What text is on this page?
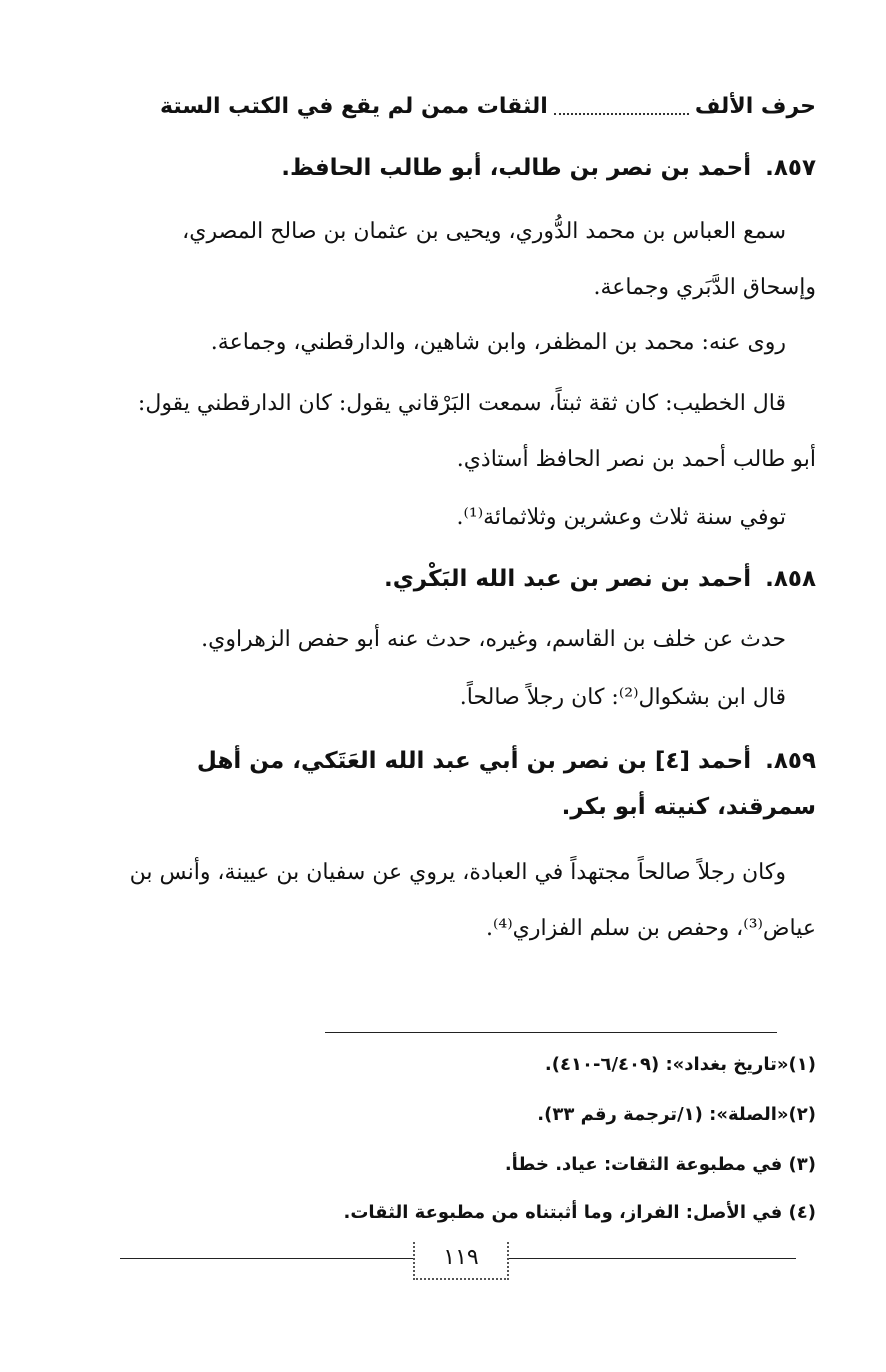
حرف الألف
الثقات ممن لم يقع في الكتب الستة
٨٥٧.أحمد بن نصر بن طالب، أبو طالب الحافظ.
سمع العباس بن محمد الدُّوري، ويحيى بن عثمان بن صالح المصري، وإسحاق الدَّبَري وجماعة.
روى عنه: محمد بن المظفر، وابن شاهين، والدارقطني، وجماعة.
قال الخطيب: كان ثقة ثبتاً، سمعت البَرْقاني يقول: كان الدارقطني يقول: أبو طالب أحمد بن نصر الحافظ أستاذي.
توفي سنة ثلاث وعشرين وثلاثمائة⁽¹⁾.
٨٥٨.أحمد بن نصر بن عبد الله البَكْري.
حدث عن خلف بن القاسم، وغيره، حدث عنه أبو حفص الزهراوي.
قال ابن بشكوال⁽²⁾: كان رجلاً صالحاً.
٨٥٩.أحمد [٤] بن نصر بن أبي عبد الله العَتَكي، من أهل سمرقند، كنيته أبو بكر.
وكان رجلاً صالحاً مجتهداً في العبادة، يروي عن سفيان بن عيينة، وأنس بن عياض⁽³⁾، وحفص بن سلم الفزاري⁽⁴⁾.
(١)«تاريخ بغداد»: (٦/٤٠٩-٤١٠).
(٢)«الصلة»: (١/ترجمة رقم ٣٣).
(٣) في مطبوعة الثقات: عياد. خطأ.
(٤) في الأصل: الفراز، وما أثبتناه من مطبوعة الثقات.
١١٩
